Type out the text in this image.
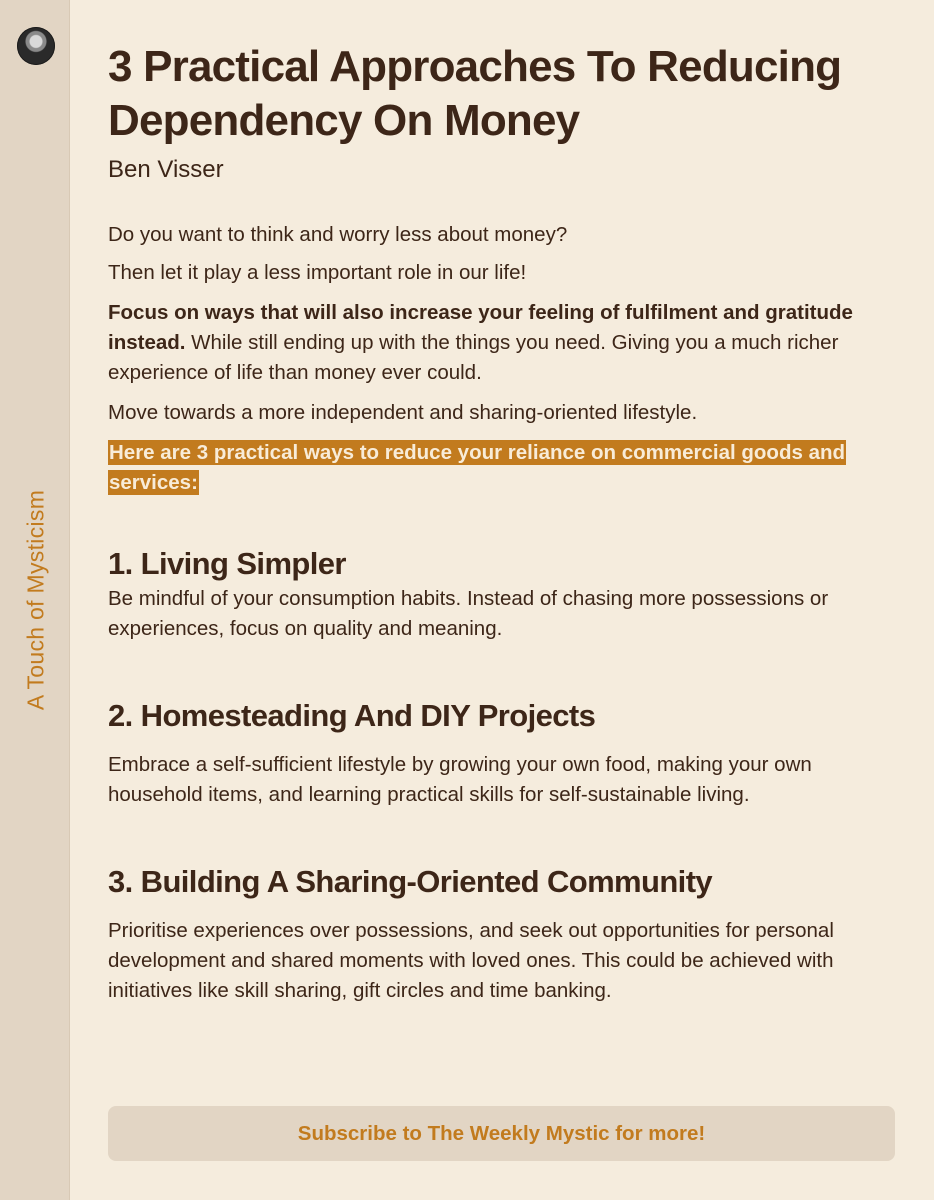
A Touch of Mysticism
3 Practical Approaches To Reducing Dependency On Money
Ben Visser

Do you want to think and worry less about money?

Then let it play a less important role in our life!

Focus on ways that will also increase your feeling of fulfilment and gratitude instead. While still ending up with the things you need. Giving you a much richer experience of life than money ever could.

Move towards a more independent and sharing-oriented lifestyle.

Here are 3 practical ways to reduce your reliance on commercial goods and services:
1. Living Simpler

Be mindful of your consumption habits. Instead of chasing more possessions or experiences, focus on quality and meaning.

2. Homesteading And DIY Projects

Embrace a self-sufficient lifestyle by growing your own food, making your own household items, and learning practical skills for self-sustainable living.

3. Building A Sharing-Oriented Community

Prioritise experiences over possessions, and seek out opportunities for personal development and shared moments with loved ones. This could be achieved with initiatives like skill sharing, gift circles and time banking.

Subscribe to The Weekly Mystic for more!
